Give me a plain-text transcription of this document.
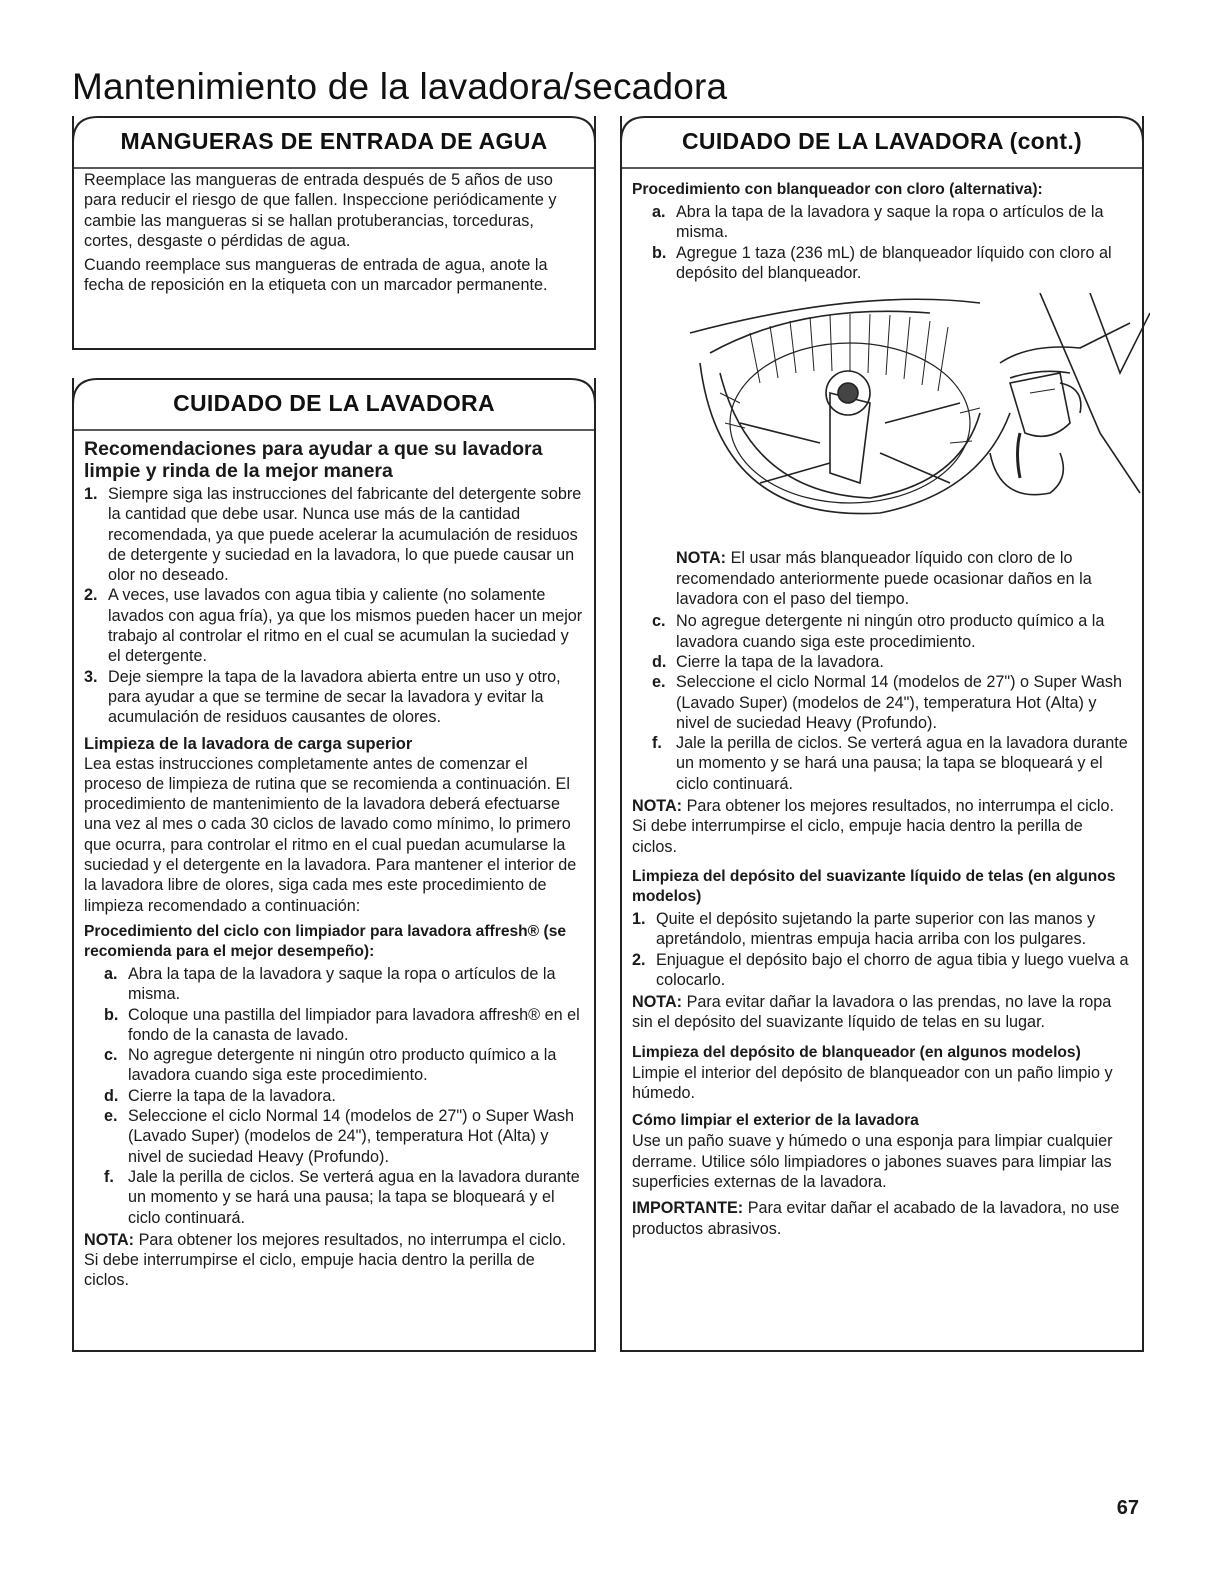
Mantenimiento de la lavadora/secadora
MANGUERAS DE ENTRADA DE AGUA
Reemplace las mangueras de entrada después de 5 años de uso para reducir el riesgo de que fallen. Inspeccione periódicamente y cambie las mangueras si se hallan protuberancias, torceduras, cortes, desgaste o pérdidas de agua.
Cuando reemplace sus mangueras de entrada de agua, anote la fecha de reposición en la etiqueta con un marcador permanente.
CUIDADO DE LA LAVADORA
Recomendaciones para ayudar a que su lavadora limpie y rinda de la mejor manera
1. Siempre siga las instrucciones del fabricante del detergente sobre la cantidad que debe usar. Nunca use más de la cantidad recomendada, ya que puede acelerar la acumulación de residuos de detergente y suciedad en la lavadora, lo que puede causar un olor no deseado.
2. A veces, use lavados con agua tibia y caliente (no solamente lavados con agua fría), ya que los mismos pueden hacer un mejor trabajo al controlar el ritmo en el cual se acumulan la suciedad y el detergente.
3. Deje siempre la tapa de la lavadora abierta entre un uso y otro, para ayudar a que se termine de secar la lavadora y evitar la acumulación de residuos causantes de olores.
Limpieza de la lavadora de carga superior
Lea estas instrucciones completamente antes de comenzar el proceso de limpieza de rutina que se recomienda a continuación. El procedimiento de mantenimiento de la lavadora deberá efectuarse una vez al mes o cada 30 ciclos de lavado como mínimo, lo primero que ocurra, para controlar el ritmo en el cual puedan acumularse la suciedad y el detergente en la lavadora. Para mantener el interior de la lavadora libre de olores, siga cada mes este procedimiento de limpieza recomendado a continuación:
Procedimiento del ciclo con limpiador para lavadora affresh® (se recomienda para el mejor desempeño):
a. Abra la tapa de la lavadora y saque la ropa o artículos de la misma.
b. Coloque una pastilla del limpiador para lavadora affresh® en el fondo de la canasta de lavado.
c. No agregue detergente ni ningún otro producto químico a la lavadora cuando siga este procedimiento.
d. Cierre la tapa de la lavadora.
e. Seleccione el ciclo Normal 14 (modelos de 27") o Super Wash (Lavado Super) (modelos de 24"), temperatura Hot (Alta) y nivel de suciedad Heavy (Profundo).
f. Jale la perilla de ciclos. Se verterá agua en la lavadora durante un momento y se hará una pausa; la tapa se bloqueará y el ciclo continuará.
NOTA: Para obtener los mejores resultados, no interrumpa el ciclo. Si debe interrumpirse el ciclo, empuje hacia dentro la perilla de ciclos.
CUIDADO DE LA LAVADORA (cont.)
Procedimiento con blanqueador con cloro (alternativa):
a. Abra la tapa de la lavadora y saque la ropa o artículos de la misma.
b. Agregue 1 taza (236 mL) de blanqueador líquido con cloro al depósito del blanqueador.
NOTA: El usar más blanqueador líquido con cloro de lo recomendado anteriormente puede ocasionar daños en la lavadora con el paso del tiempo.
c. No agregue detergente ni ningún otro producto químico a la lavadora cuando siga este procedimiento.
d. Cierre la tapa de la lavadora.
e. Seleccione el ciclo Normal 14 (modelos de 27") o Super Wash (Lavado Super) (modelos de 24"), temperatura Hot (Alta) y nivel de suciedad Heavy (Profundo).
f. Jale la perilla de ciclos. Se verterá agua en la lavadora durante un momento y se hará una pausa; la tapa se bloqueará y el ciclo continuará.
NOTA: Para obtener los mejores resultados, no interrumpa el ciclo. Si debe interrumpirse el ciclo, empuje hacia dentro la perilla de ciclos.
Limpieza del depósito del suavizante líquido de telas (en algunos modelos)
1. Quite el depósito sujetando la parte superior con las manos y apretándolo, mientras empuja hacia arriba con los pulgares.
2. Enjuague el depósito bajo el chorro de agua tibia y luego vuelva a colocarlo.
NOTA: Para evitar dañar la lavadora o las prendas, no lave la ropa sin el depósito del suavizante líquido de telas en su lugar.
Limpieza del depósito de blanqueador (en algunos modelos)
Limpie el interior del depósito de blanqueador con un paño limpio y húmedo.
Cómo limpiar el exterior de la lavadora
Use un paño suave y húmedo o una esponja para limpiar cualquier derrame. Utilice sólo limpiadores o jabones suaves para limpiar las superficies externas de la lavadora.
IMPORTANTE: Para evitar dañar el acabado de la lavadora, no use productos abrasivos.
67
